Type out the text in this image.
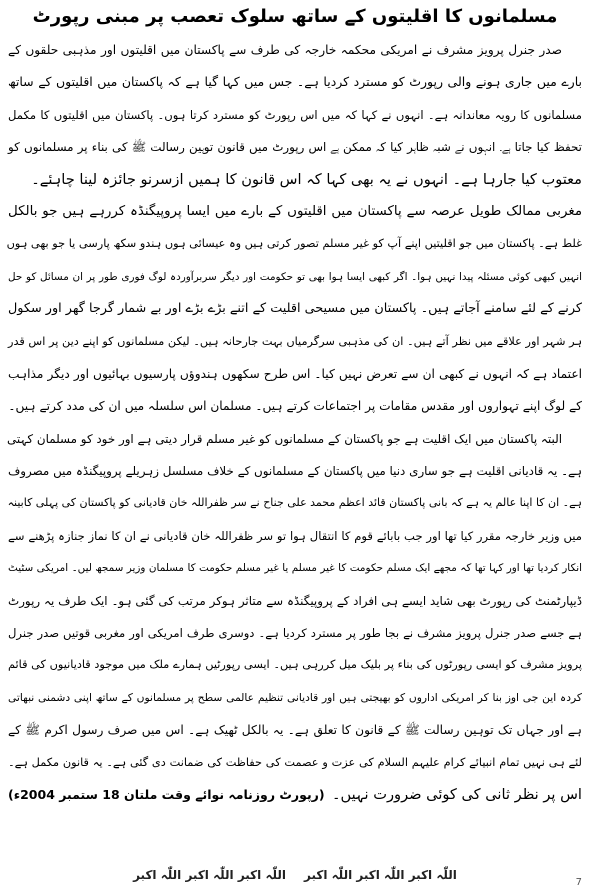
مسلمانوں کا اقلیتوں کے ساتھ سلوک تعصب پر مبنی رپورٹ
صدر جنرل پرویز مشرف نے امریکی محکمہ خارجہ کی طرف سے پاکستان میں اقلیتوں اور مذہبی حلقوں کے
بارے میں جاری ہونے والی رپورٹ کو مسترد کردیا ہے۔ جس میں کہا گیا ہے کہ پاکستان میں اقلیتوں کے ساتھ
مسلمانوں کا رویہ معاندانہ ہے۔ انہوں نے کہا کہ میں اس رپورٹ کو مسترد کرتا ہوں۔ پاکستان میں اقلیتوں کا مکمل
تحفظ کیا جاتا ہے۔ انہوں نے شبہ ظاہر کیا کہ ممکن ہے اس رپورٹ میں قانون توہین رسالت ﷺ کی بناء پر مسلمانوں کو
معتوب کیا جارہا ہے۔ انہوں نے یہ بھی کہا کہ اس قانون کا ہمیں ازسرنو جائزہ لینا چاہئے۔
مغربی ممالک طویل عرصہ سے پاکستان میں اقلیتوں کے بارے میں ایسا پروپیگنڈہ کررہے ہیں جو بالکل
غلط ہے۔ پاکستان میں جو اقلیتیں اپنے آپ کو غیر مسلم تصور کرتی ہیں وہ عیسائی ہوں ہندو سکھ پارسی یا جو بھی ہوں
انہیں کبھی کوئی مسئلہ پیدا نہیں ہوا۔ اگر کبھی ایسا ہوا بھی تو حکومت اور دیگر سربرآوردہ لوگ فوری طور پر ان مسائل کو حل
کرنے کے لئے سامنے آجاتے ہیں۔ پاکستان میں مسیحی اقلیت کے اتنے بڑے بڑے اور بے شمار گرجا گھر اور سکول
ہر شہر اور علاقے میں نظر آتے ہیں۔ ان کی مذہبی سرگرمیاں بہت جارحانہ ہیں۔ لیکن مسلمانوں کو اپنے دین پر اس قدر
اعتماد ہے کہ انہوں نے کبھی ان سے تعرض نہیں کیا۔ اس طرح سکھوں ہندوؤں پارسیوں بہائیوں اور دیگر مذاہب
کے لوگ اپنے تہواروں اور مقدس مقامات پر اجتماعات کرتے ہیں۔ مسلمان اس سلسلہ میں ان کی مدد کرتے ہیں۔
البتہ پاکستان میں ایک اقلیت ہے جو پاکستان کے مسلمانوں کو غیر مسلم قرار دیتی ہے اور خود کو مسلمان کہتی
ہے۔ یہ قادیانی اقلیت ہے جو ساری دنیا میں پاکستان کے مسلمانوں کے خلاف مسلسل زہریلے پروپیگنڈہ میں مصروف
ہے۔ ان کا اپنا عالم یہ ہے کہ بانی پاکستان قائد اعظم محمد علی جناح نے سر ظفراللہ خان قادیانی کو پاکستان کی پہلی کابینہ
میں وزیر خارجہ مقرر کیا تھا اور جب بابائے قوم کا انتقال ہوا تو سر ظفراللہ خان قادیانی نے ان کا نماز جنازہ پڑھنے سے
انکار کردیا تھا اور کہا تھا کہ مجھے ایک مسلم حکومت کا غیر مسلم یا غیر مسلم حکومت کا مسلمان وزیر سمجھ لیں۔ امریکی سٹیٹ
ڈیپارٹمنٹ کی رپورٹ بھی شاید ایسے ہی افراد کے پروپیگنڈہ سے متاثر ہوکر مرتب کی گئی ہو۔ ایک طرف یہ رپورٹ
ہے جسے صدر جنرل پرویز مشرف نے بجا طور پر مسترد کردیا ہے۔ دوسری طرف امریکی اور مغربی قوتیں صدر جنرل
پرویز مشرف کو ایسی رپورٹوں کی بناء پر بلیک میل کررہی ہیں۔ ایسی رپورٹیں ہمارے ملک میں موجود قادیانیوں کی قائم
کردہ این جی اوز بنا کر امریکی اداروں کو بھیجتی ہیں اور قادیانی تنظیم عالمی سطح پر مسلمانوں کے ساتھ اپنی دشمنی نبھاتی
ہے اور جہاں تک توہین رسالت ﷺ کے قانون کا تعلق ہے۔ یہ بالکل ٹھیک ہے۔ اس میں صرف رسول اکرم ﷺ کے
لئے ہی نہیں تمام انبیائے کرام علیہم السلام کی عزت و عصمت کی حفاظت کی ضمانت دی گئی ہے۔ یہ قانون مکمل ہے۔
اس پر نظر ثانی کی کوئی ضرورت نہیں۔
(رپورٹ روزنامہ نوائے وقت ملتان 18 ستمبر 2004ء)
اللّٰہ اکبر اللّٰہ اکبر اللّٰہ اکبر
اللّٰہ اکبر اللّٰہ اکبر اللّٰہ اکبر
7
